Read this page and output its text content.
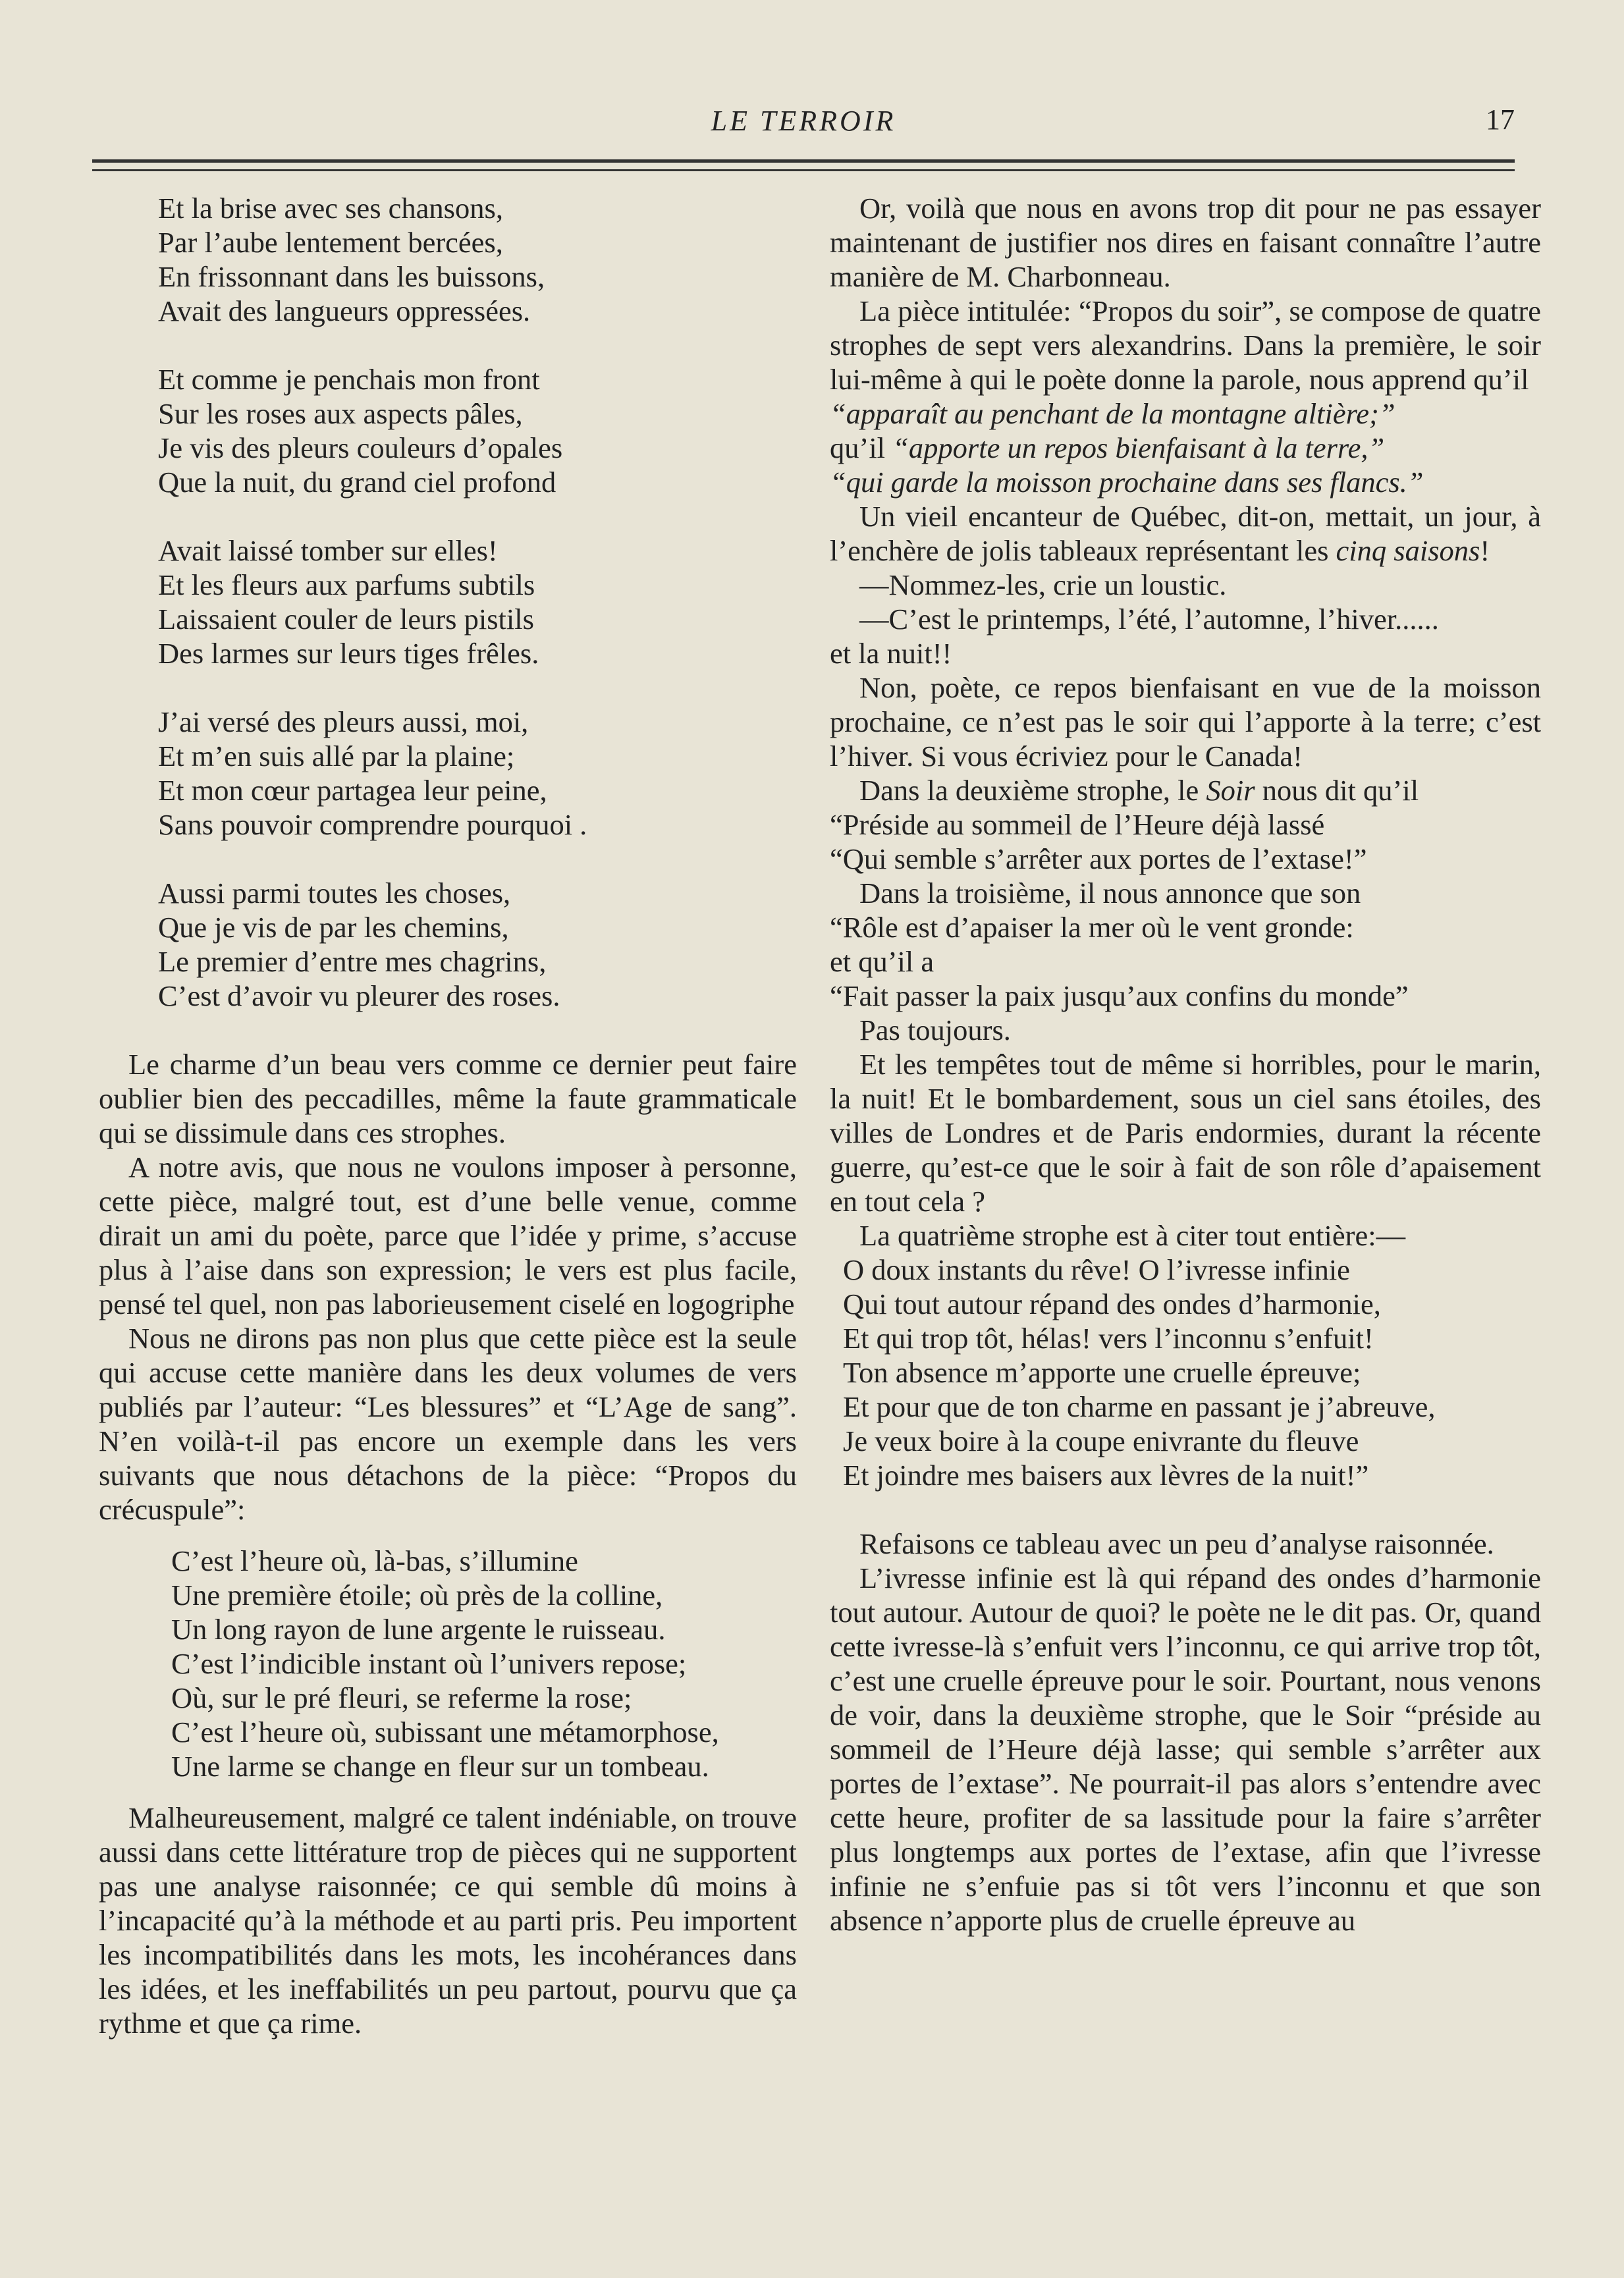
LE TERROIR	17
Et la brise avec ses chansons,
Par l’aube lentement bercées,
En frissonnant dans les buissons,
Avait des langueurs oppressées.
Et comme je penchais mon front
Sur les roses aux aspects pâles,
Je vis des pleurs couleurs d’opales
Que la nuit, du grand ciel profond
Avait laissé tomber sur elles!
Et les fleurs aux parfums subtils
Laissaient couler de leurs pistils
Des larmes sur leurs tiges frêles.
J’ai versé des pleurs aussi, moi,
Et m’en suis allé par la plaine;
Et mon cœur partagea leur peine,
Sans pouvoir comprendre pourquoi .
Aussi parmi toutes les choses,
Que je vis de par les chemins,
Le premier d’entre mes chagrins,
C’est d’avoir vu pleurer des roses.

Le charme d’un beau vers comme ce dernier peut faire oublier bien des peccadilles, même la faute grammaticale qui se dissimule dans ces strophes.

A notre avis, que nous ne voulons imposer à personne, cette pièce, malgré tout, est d’une belle venue, comme dirait un ami du poète, parce que l’idée y prime, s’accuse plus à l’aise dans son expression; le vers est plus facile, pensé tel quel, non pas laborieusement ciselé en logogriphe

Nous ne dirons pas non plus que cette pièce est la seule qui accuse cette manière dans les deux volumes de vers publiés par l’auteur: “Les blessures” et “L’Age de sang”. N’en voilà-t-il pas encore un exemple dans les vers suivants que nous détachons de la pièce: “Propos du crécuspule”:

C’est l’heure où, là-bas, s’illumine
Une première étoile; où près de la colline,
Un long rayon de lune argente le ruisseau.
C’est l’indicible instant où l’univers repose;
Où, sur le pré fleuri, se referme la rose;
C’est l’heure où, subissant une métamorphose,
Une larme se change en fleur sur un tombeau.

Malheureusement, malgré ce talent indéniable, on trouve aussi dans cette littérature trop de pièces qui ne supportent pas une analyse raisonnée; ce qui semble dû moins à l’incapacité qu’à la méthode et au parti pris. Peu importent les incompatibilités dans les mots, les incohérances dans les idées, et les ineffabilités un peu partout, pourvu que ça rythme et que ça rime.

Or, voilà que nous en avons trop dit pour ne pas essayer maintenant de justifier nos dires en faisant connaître l’autre manière de M. Charbonneau.

La pièce intitulée: “Propos du soir”, se compose de quatre strophes de sept vers alexandrins. Dans la première, le soir lui-même à qui le poète donne la parole, nous apprend qu’il

“apparaît au penchant de la montagne altière;”
qu’il “apporte un repos bienfaisant à la terre,”
“qui garde la moisson prochaine dans ses flancs.”

Un vieil encanteur de Québec, dit-on, mettait, un jour, à l’enchère de jolis tableaux représentant les cinq saisons!

—Nommez-les, crie un loustic.

—C’est le printemps, l’été, l’automne, l’hiver......

et la nuit!!

Non, poète, ce repos bienfaisant en vue de la moisson prochaine, ce n’est pas le soir qui l’apporte à la terre; c’est l’hiver. Si vous écriviez pour le Canada!

Dans la deuxième strophe, le Soir nous dit qu’il

“Préside au sommeil de l’Heure déjà lassé
“Qui semble s’arrêter aux portes de l’extase!”

Dans la troisième, il nous annonce que son

“Rôle est d’apaiser la mer où le vent gronde:
et qu’il a
“Fait passer la paix jusqu’aux confins du monde”

Pas toujours.

Et les tempêtes tout de même si horribles, pour le marin, la nuit! Et le bombardement, sous un ciel sans étoiles, des villes de Londres et de Paris endormies, durant la récente guerre, qu’est-ce que le soir à fait de son rôle d’apaisement en tout cela ?

La quatrième strophe est à citer tout entière:—

O doux instants du rêve! O l’ivresse infinie
Qui tout autour répand des ondes d’harmonie,
Et qui trop tôt, hélas! vers l’inconnu s’enfuit!
Ton absence m’apporte une cruelle épreuve;
Et pour que de ton charme en passant je j’abreuve,
Je veux boire à la coupe enivrante du fleuve
Et joindre mes baisers aux lèvres de la nuit!”

Refaisons ce tableau avec un peu d’analyse raisonnée.

L’ivresse infinie est là qui répand des ondes d’harmonie tout autour. Autour de quoi? le poète ne le dit pas. Or, quand cette ivresse-là s’enfuit vers l’inconnu, ce qui arrive trop tôt, c’est une cruelle épreuve pour le soir. Pourtant, nous venons de voir, dans la deuxième strophe, que le Soir “préside au sommeil de l’Heure déjà lasse; qui semble s’arrêter aux portes de l’extase”. Ne pourrait-il pas alors s’entendre avec cette heure, profiter de sa lassitude pour la faire s’arrêter plus longtemps aux portes de l’extase, afin que l’ivresse infinie ne s’enfuie pas si tôt vers l’inconnu et que son absence n’apporte plus de cruelle épreuve au
